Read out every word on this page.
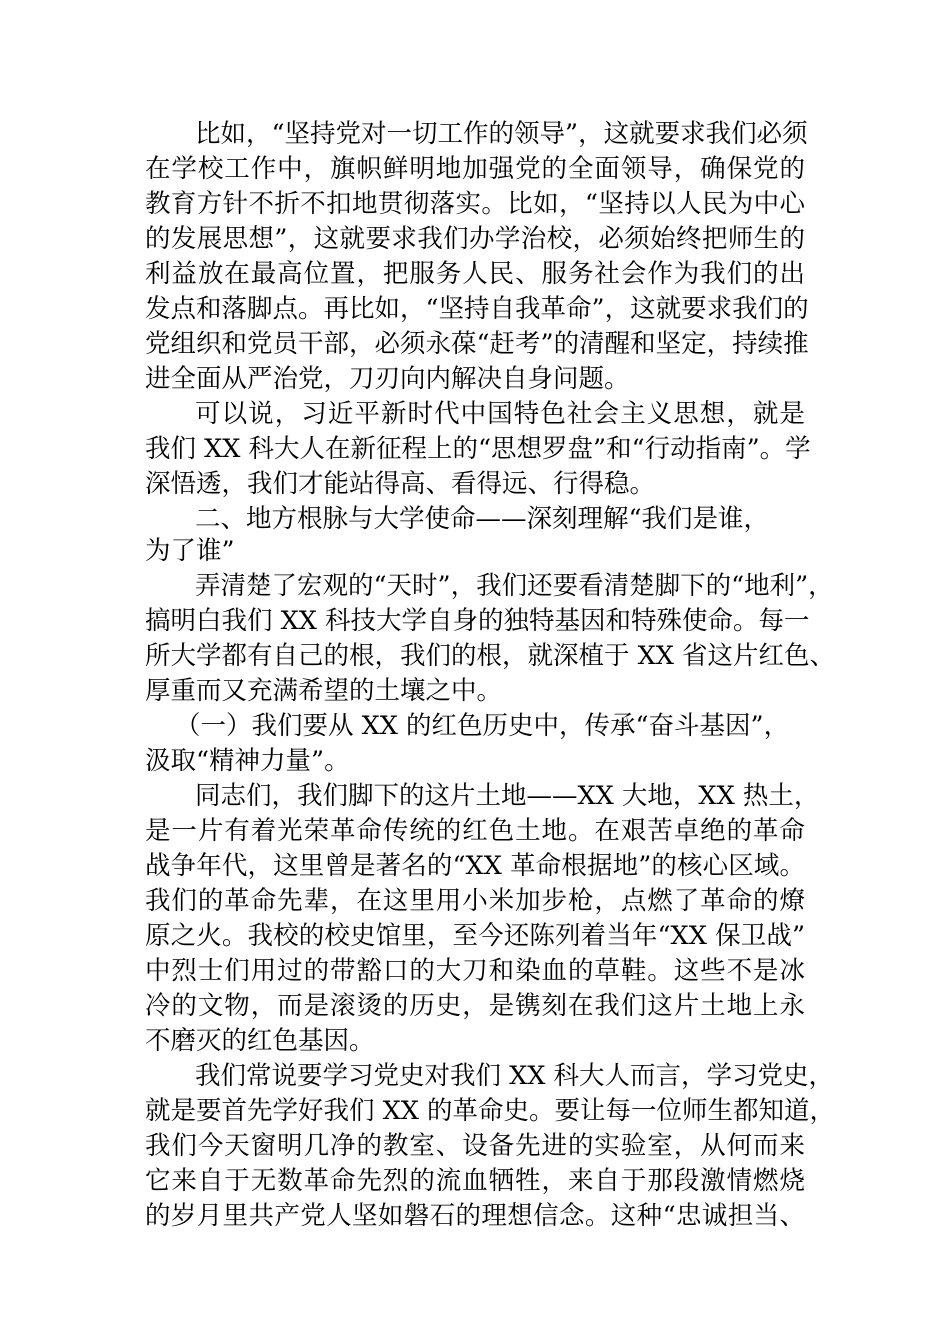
比如，“坚持党对一切工作的领导”，这就要求我们必须
在学校工作中，旗帜鲜明地加强党的全面领导，确保党的
教育方针不折不扣地贯彻落实。比如，“坚持以人民为中心
的发展思想”，这就要求我们办学治校，必须始终把师生的
利益放在最高位置，把服务人民、服务社会作为我们的出
发点和落脚点。再比如，“坚持自我革命”，这就要求我们的
党组织和党员干部，必须永葆“赶考”的清醒和坚定，持续推
进全面从严治党，刀刃向内解决自身问题。
可以说，习近平新时代中国特色社会主义思想，就是
我们 XX 科大人在新征程上的“思想罗盘”和“行动指南”。学
深悟透，我们才能站得高、看得远、行得稳。
二、地方根脉与大学使命——深刻理解“我们是谁，
为了谁”
弄清楚了宏观的“天时”，我们还要看清楚脚下的“地利”，
搞明白我们 XX 科技大学自身的独特基因和特殊使命。每一
所大学都有自己的根，我们的根，就深植于 XX 省这片红色、
厚重而又充满希望的土壤之中。
（一）我们要从 XX 的红色历史中，传承“奋斗基因”，
汲取“精神力量”。
同志们，我们脚下的这片土地——XX 大地，XX 热土，
是一片有着光荣革命传统的红色土地。在艰苦卓绝的革命
战争年代，这里曾是著名的“XX 革命根据地”的核心区域。
我们的革命先辈，在这里用小米加步枪，点燃了革命的燎
原之火。我校的校史馆里，至今还陈列着当年“XX 保卫战”
中烈士们用过的带豁口的大刀和染血的草鞋。这些不是冰
冷的文物，而是滚烫的历史，是镌刻在我们这片土地上永
不磨灭的红色基因。
我们常说要学习党史对我们 XX 科大人而言，学习党史，
就是要首先学好我们 XX 的革命史。要让每一位师生都知道，
我们今天窗明几净的教室、设备先进的实验室，从何而来
它来自于无数革命先烈的流血牺牲，来自于那段激情燃烧
的岁月里共产党人坚如磐石的理想信念。这种“忠诚担当、
